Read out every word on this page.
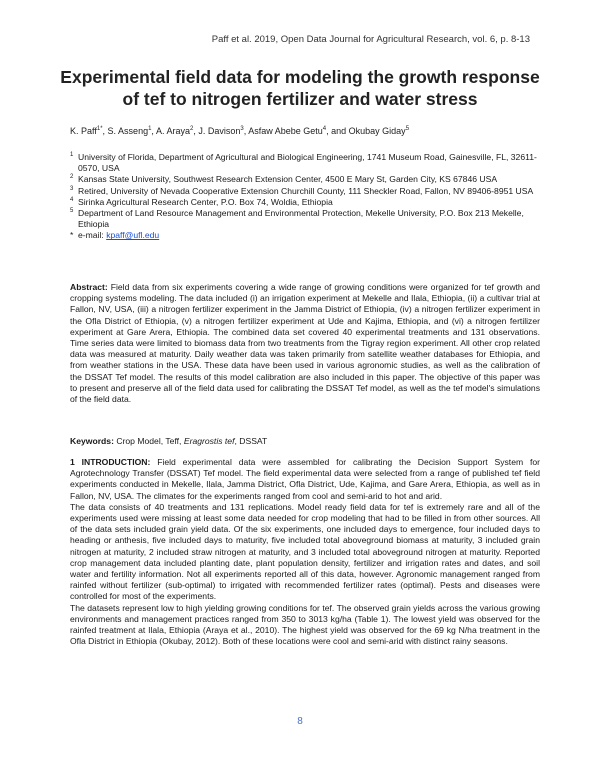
Paff et al. 2019, Open Data Journal for Agricultural Research, vol. 6, p. 8-13
Experimental field data for modeling the growth response of tef to nitrogen fertilizer and water stress
K. Paff$^{1*}$, S. Asseng$^1$, A. Araya$^2$, J. Davison$^3$, Asfaw Abebe Getu$^4$, and Okubay Giday$^5$
1 University of Florida, Department of Agricultural and Biological Engineering, 1741 Museum Road, Gainesville, FL, 32611-0570, USA
2 Kansas State University, Southwest Research Extension Center, 4500 E Mary St, Garden City, KS 67846 USA
3 Retired, University of Nevada Cooperative Extension Churchill County, 111 Sheckler Road, Fallon, NV 89406-8951 USA
4 Sirinka Agricultural Research Center, P.O. Box 74, Woldia, Ethiopia
5 Department of Land Resource Management and Environmental Protection, Mekelle University, P.O. Box 213 Mekelle, Ethiopia
* e-mail: kpaff@ufl.edu
Abstract: Field data from six experiments covering a wide range of growing conditions were organized for tef growth and cropping systems modeling. The data included (i) an irrigation experiment at Mekelle and Ilala, Ethiopia, (ii) a cultivar trial at Fallon, NV, USA, (iii) a nitrogen fertilizer experiment in the Jamma District of Ethiopia, (iv) a nitrogen fertilizer experiment in the Ofla District of Ethiopia, (v) a nitrogen fertilizer experiment at Ude and Kajima, Ethiopia, and (vi) a nitrogen fertilizer experiment at Gare Arera, Ethiopia. The combined data set covered 40 experimental treatments and 131 observations. Time series data were limited to biomass data from two treatments from the Tigray region experiment. All other crop related data was measured at maturity. Daily weather data was taken primarily from satellite weather databases for Ethiopia, and from weather stations in the USA. These data have been used in various agronomic studies, as well as the calibration of the DSSAT Tef model. The results of this model calibration are also included in this paper. The objective of this paper was to present and preserve all of the field data used for calibrating the DSSAT Tef model, as well as the tef model's simulations of the field data.
Keywords: Crop Model, Teff, Eragrostis tef, DSSAT

1 INTRODUCTION: Field experimental data were assembled for calibrating the Decision Support System for Agrotechnology Transfer (DSSAT) Tef model. The field experimental data were selected from a range of published tef field experiments conducted in Mekelle, Ilala, Jamma District, Ofla District, Ude, Kajima, and Gare Arera, Ethiopia, as well as in Fallon, NV, USA. The climates for the experiments ranged from cool and semi-arid to hot and arid.

The data consists of 40 treatments and 131 replications. Model ready field data for tef is extremely rare and all of the experiments used were missing at least some data needed for crop modeling that had to be filled in from other sources. All of the data sets included grain yield data. Of the six experiments, one included days to emergence, four included days to heading or anthesis, five included days to maturity, five included total aboveground biomass at maturity, 3 included grain nitrogen at maturity, 2 included straw nitrogen at maturity, and 3 included total aboveground nitrogen at maturity. Reported crop management data included planting date, plant population density, fertilizer and irrigation rates and dates, and soil water and fertility information. Not all experiments reported all of this data, however. Agronomic management ranged from rainfed without fertilizer (sub-optimal) to irrigated with recommended fertilizer rates (optimal). Pests and diseases were controlled for most of the experiments.

The datasets represent low to high yielding growing conditions for tef. The observed grain yields across the various growing environments and management practices ranged from 350 to 3013 kg/ha (Table 1). The lowest yield was observed for the rainfed treatment at Ilala, Ethiopia (Araya et al., 2010). The highest yield was observed for the 69 kg N/ha treatment in the Ofla District in Ethiopia (Okubay, 2012). Both of these locations were cool and semi-arid with distinct rainy seasons.

8
